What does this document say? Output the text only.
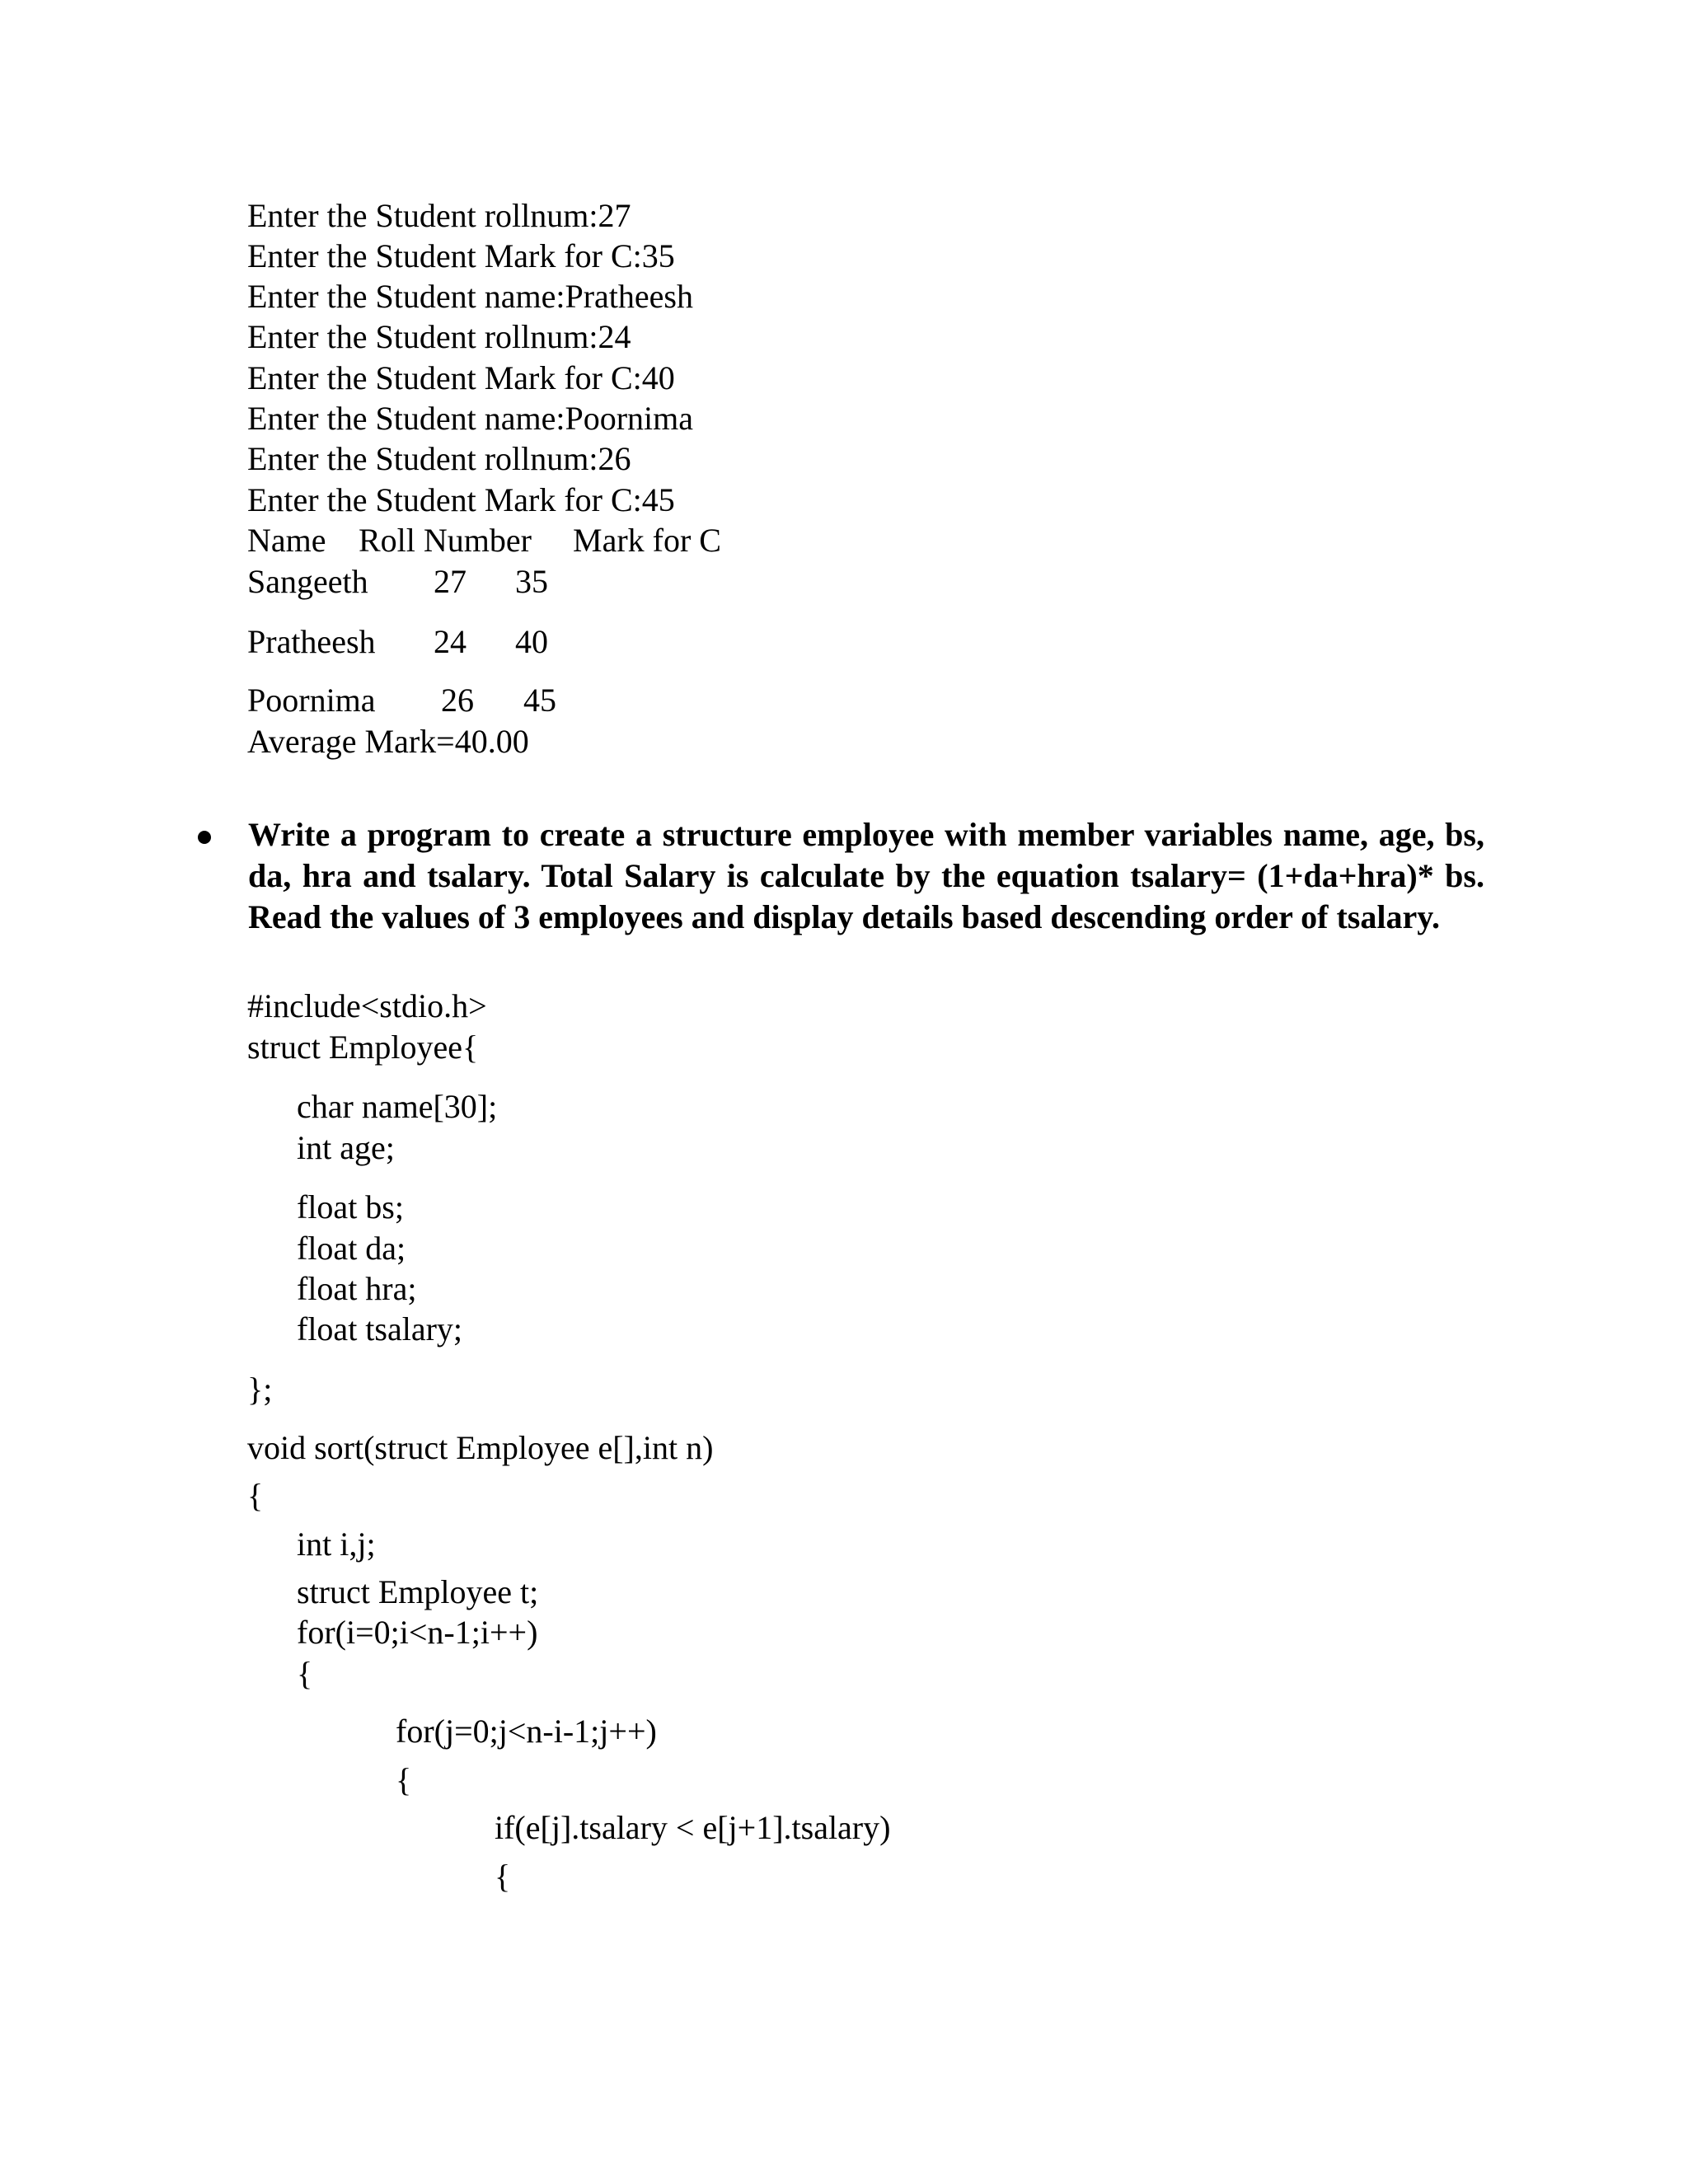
Enter the Student rollnum:27
Enter the Student Mark for C:35
Enter the Student name:Pratheesh
Enter the Student rollnum:24
Enter the Student Mark for C:40
Enter the Student name:Poornima
Enter the Student rollnum:26
Enter the Student Mark for C:45
Name Roll Number Mark for C
Sangeeth 27 35
Pratheesh 24 40
Poornima 26 45
Average Mark=40.00
Write a program to create a structure employee with member variables name, age, bs,
da, hra and tsalary. Total Salary is calculate by the equation tsalary= (1+da+hra)* bs.
Read the values of 3 employees and display details based descending order of tsalary.
#include<stdio.h>
struct Employee{
char name[30];
int age;
float bs;
float da;
float hra;
float tsalary;
};
void sort(struct Employee e[],int n)
{
int i,j;
struct Employee t;
for(i=0;i<n-1;i++)
{
for(j=0;j<n-i-1;j++)
{
if(e[j].tsalary < e[j+1].tsalary)
{
